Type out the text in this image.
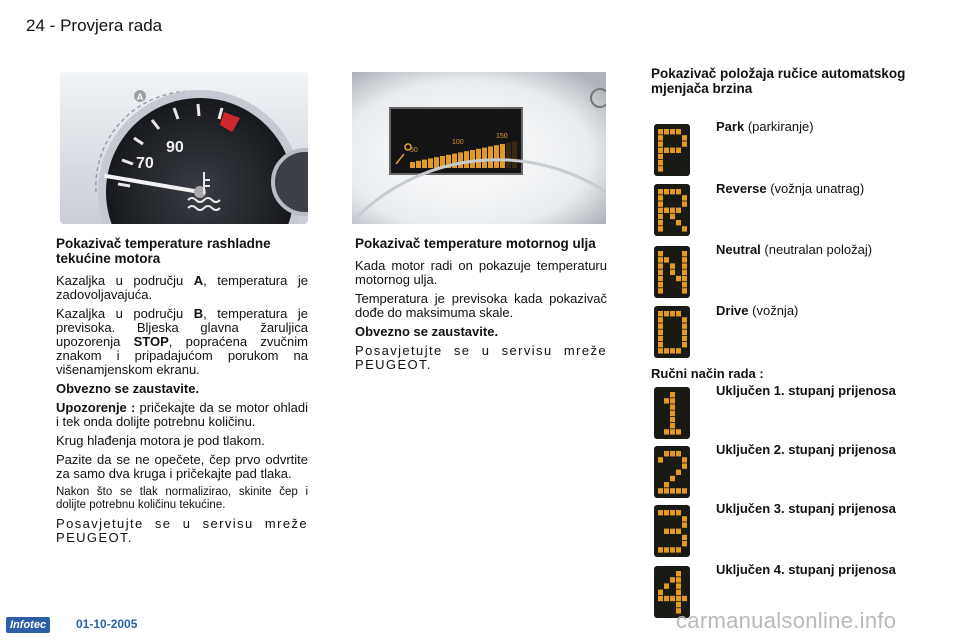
24 - Provjera rada
A
70
90	50
100
150
Pokazivač temperature rashladne tekućine motora

Kazaljka u području A, temperatura je zadovoljavajuća.

Kazaljka u području B, temperatura je previsoka. Bljeska glavna žaruljica upozorenja STOP, popraćena zvučnim znakom i pripadajućom porukom na višenamjenskom ekranu.

Obvezno se zaustavite.

Upozorenje : pričekajte da se motor ohladi i tek onda dolijte potrebnu količinu.

Krug hlađenja motora je pod tlakom.

Pazite da se ne opečete, čep prvo odvrtite za samo dva kruga i pričekajte pad tlaka.

Nakon što se tlak normalizirao, skinite čep i dolijte potrebnu količinu tekućine.

Posavjetujte se u servisu mreže PEUGEOT.

Pokazivač temperature motornog ulja

Kada motor radi on pokazuje temperaturu motornog ulja.

Temperatura je previsoka kada pokazivač dođe do maksimuma skale.

Obvezno se zaustavite.

Posavjetujte se u servisu mreže PEUGEOT.

Pokazivač položaja ručice automatskog mjenjača brzina
Park (parkiranje)
Reverse (vožnja unatrag)
Neutral (neutralan položaj)
Drive (vožnja)
Ručni način rada :
Uključen 1. stupanj prijenosa
Uključen 2. stupanj prijenosa
Uključen 3. stupanj prijenosa
Uključen 4. stupanj prijenosa
Infotec	01-10-2005	carmanualsonline.info
